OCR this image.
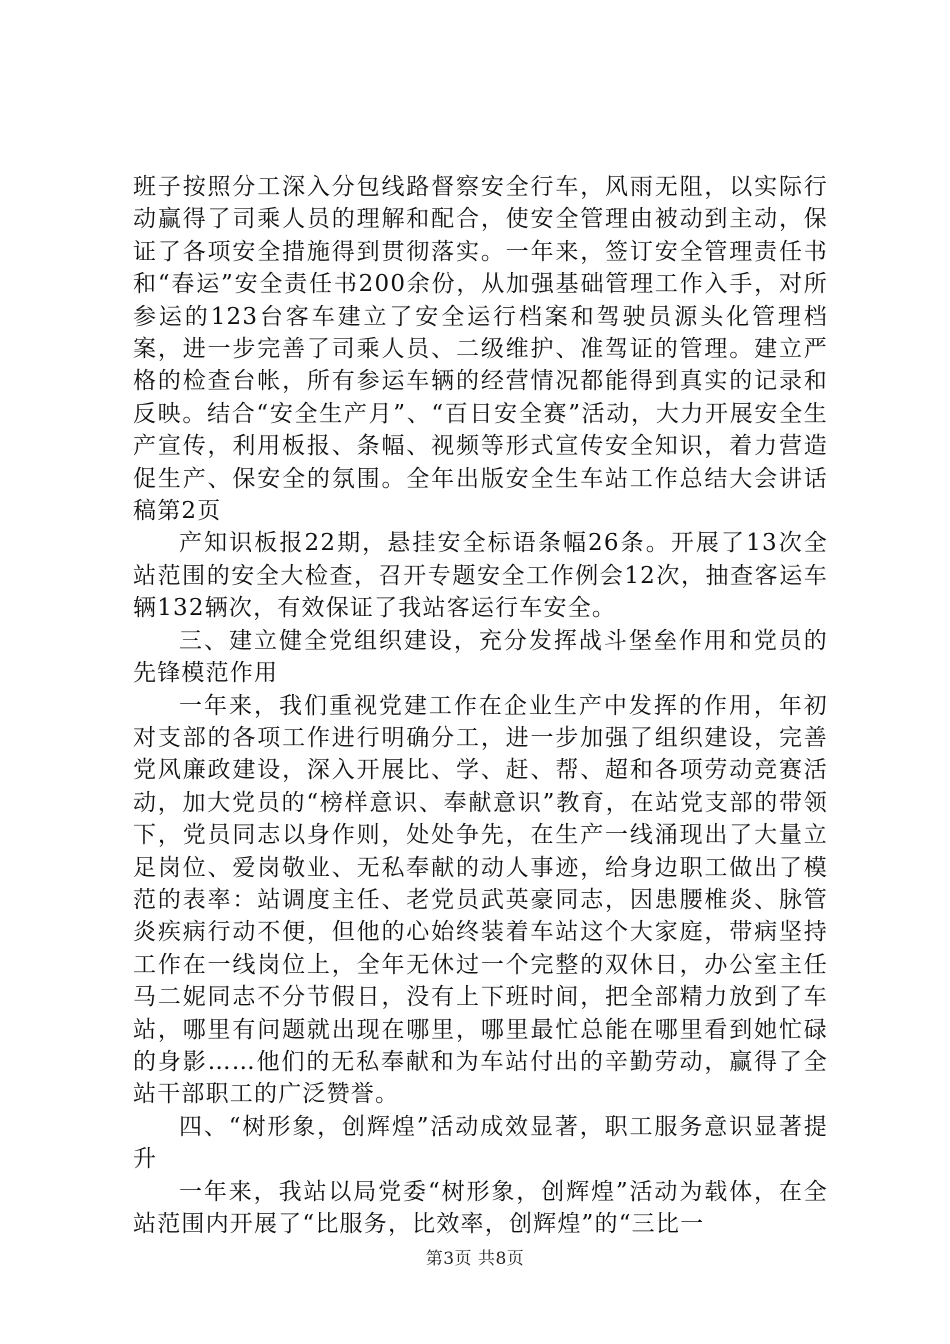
班子按照分工深入分包线路督察安全行车，风雨无阻，以实际行动赢得了司乘人员的理解和配合，使安全管理由被动到主动，保证了各项安全措施得到贯彻落实。一年来，签订安全管理责任书和“春运”安全责任书200余份，从加强基础管理工作入手，对所参运的123台客车建立了安全运行档案和驾驶员源头化管理档案，进一步完善了司乘人员、二级维护、准驾证的管理。建立严格的检查台帐，所有参运车辆的经营情况都能得到真实的记录和反映。结合“安全生产月”、“百日安全赛”活动，大力开展安全生产宣传，利用板报、条幅、视频等形式宣传安全知识，着力营造促生产、保安全的氛围。全年出版安全生车站工作总结大会讲话稿第2页

产知识板报22期，悬挂安全标语条幅26条。开展了13次全站范围的安全大检查，召开专题安全工作例会12次，抽查客运车辆132辆次，有效保证了我站客运行车安全。

三、建立健全党组织建设，充分发挥战斗堡垒作用和党员的先锋模范作用

一年来，我们重视党建工作在企业生产中发挥的作用，年初对支部的各项工作进行明确分工，进一步加强了组织建设，完善党风廉政建设，深入开展比、学、赶、帮、超和各项劳动竞赛活动，加大党员的“榜样意识、奉献意识”教育，在站党支部的带领下，党员同志以身作则，处处争先，在生产一线涌现出了大量立足岗位、爱岗敬业、无私奉献的动人事迹，给身边职工做出了模范的表率：站调度主任、老党员武英豪同志，因患腰椎炎、脉管炎疾病行动不便，但他的心始终装着车站这个大家庭，带病坚持工作在一线岗位上，全年无休过一个完整的双休日，办公室主任马二妮同志不分节假日，没有上下班时间，把全部精力放到了车站，哪里有问题就出现在哪里，哪里最忙总能在哪里看到她忙碌的身影……他们的无私奉献和为车站付出的辛勤劳动，赢得了全站干部职工的广泛赞誉。

四、“树形象，创辉煌”活动成效显著，职工服务意识显著提升

一年来，我站以局党委“树形象，创辉煌”活动为载体，在全站范围内开展了“比服务，比效率，创辉煌”的“三比一

第3页 共8页
